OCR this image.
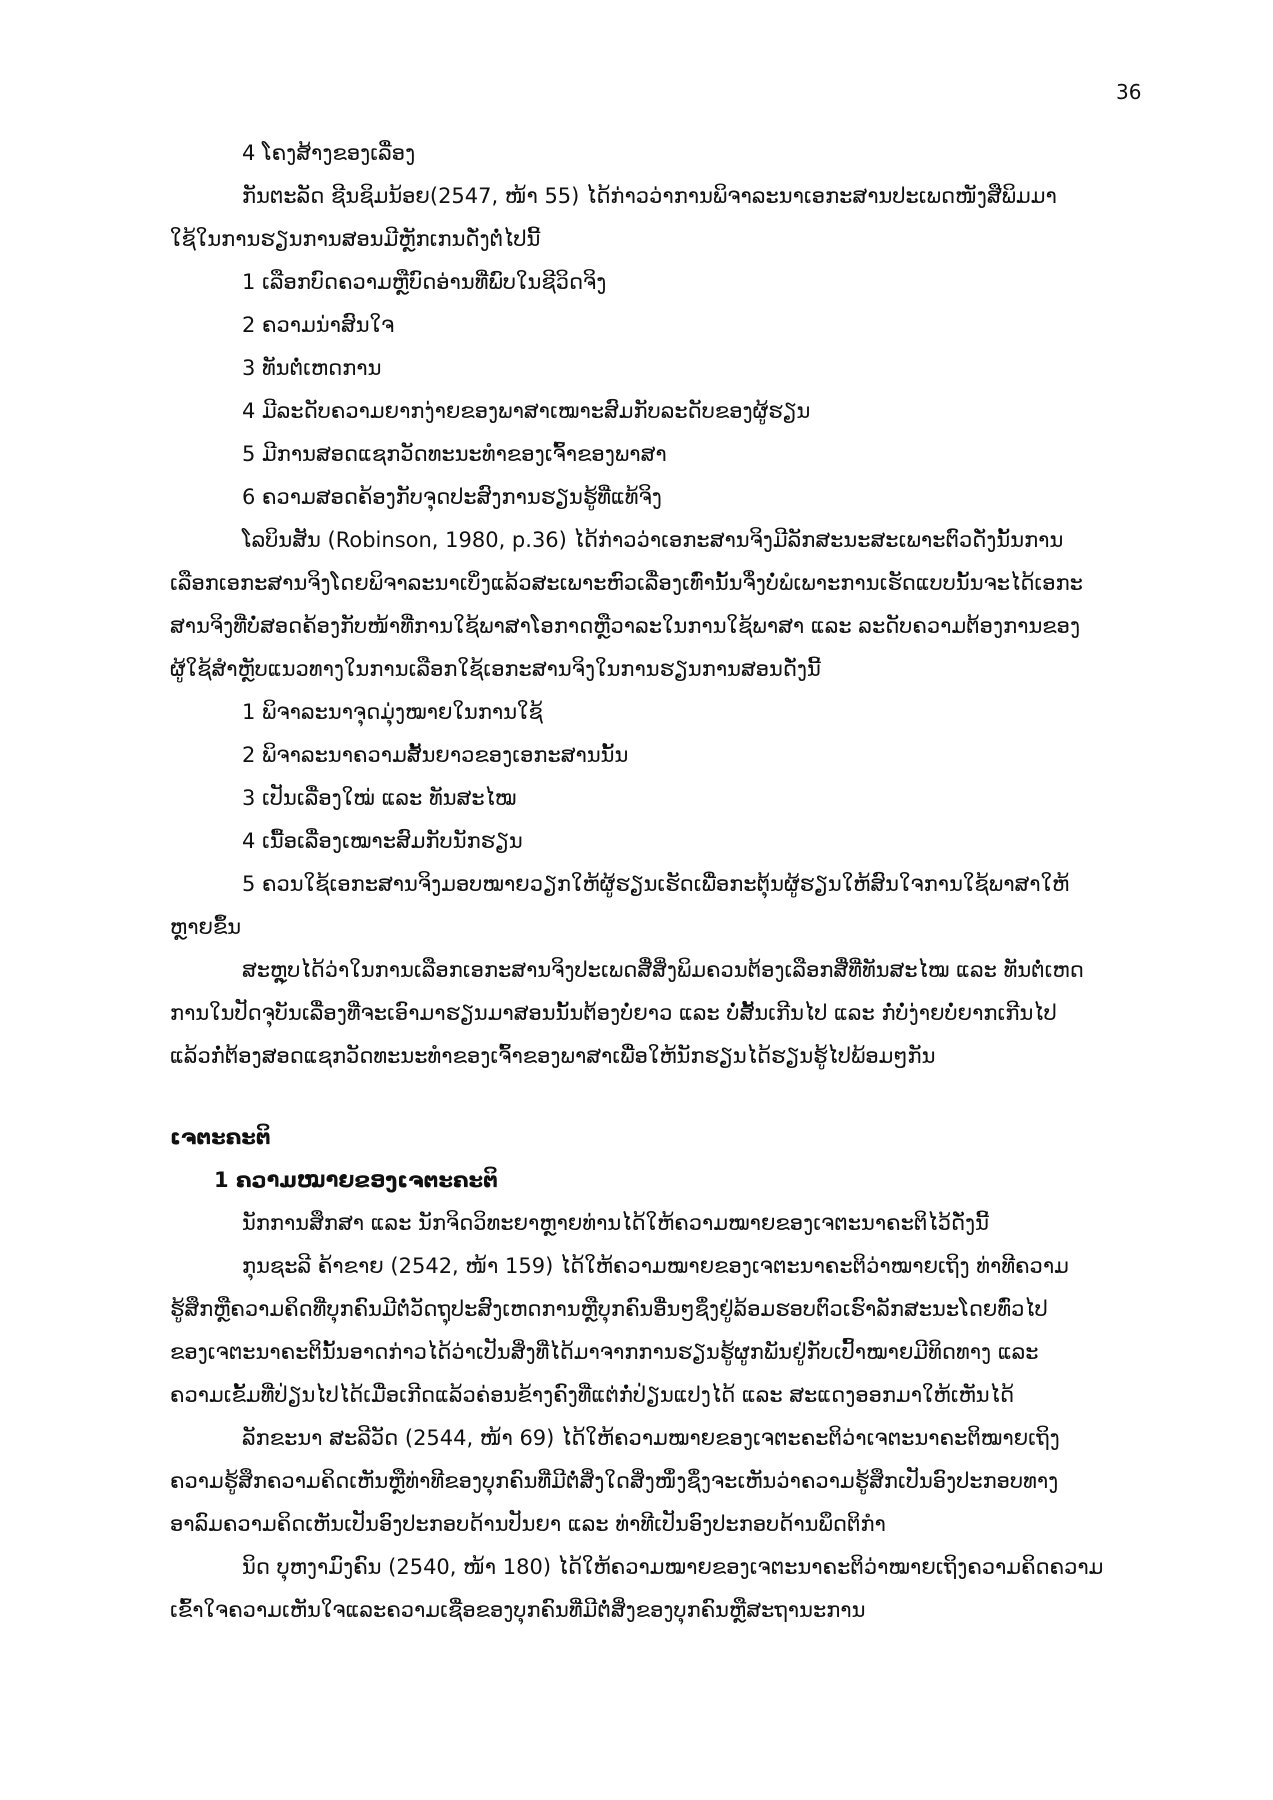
36
4 ໂຄງສ້າງຂອງເລື່ອງ
ກັນຕະລັດ ຊີນຊິມນ້ອຍ(2547, ໜ້າ 55) ໄດ້ກ່າວວ່າການພິຈາລະນາເອກະສານປະເພດໜັງສືພິມມາ
ໃຊ້ໃນການຮຽນການສອນມີຫຼັກເກນດັ່ງຕໍ່ໄປນີ້
1 ເລືອກບົດຄວາມຫຼືບົດອ່ານທີ່ພົບໃນຊີວິດຈິງ
2 ຄວາມນ່າສົນໃຈ
3 ທັນຕໍ່ເຫດການ
4 ມີລະດັບຄວາມຍາກງ່າຍຂອງພາສາເໝາະສົມກັບລະດັບຂອງຜູ້ຮຽນ
5 ມີການສອດແຊກວັດທະນະທຳຂອງເຈົ້າຂອງພາສາ
6 ຄວາມສອດຄ້ອງກັບຈຸດປະສົງການຮຽນຮູ້ທີ່ແທ້ຈິງ
ໂລບິນສັນ (Robinson, 1980, p.36) ໄດ້ກ່າວວ່າເອກະສານຈິງມີລັກສະນະສະເພາະຕົວດັ່ງນັ້ນການ
ເລືອກເອກະສານຈິງໂດຍພິຈາລະນາເບິ່ງແລ້ວສະເພາະຫົວເລື່ອງເທົ່ານັ້ນຈຶ່ງບໍ່ພໍເພາະການເຮັດແບບນັ້ນຈະໄດ້ເອກະ
ສານຈິງທີ່ບໍ່ສອດຄ້ອງກັບໜ້າທີ່ການໃຊ້ພາສາໂອກາດຫຼືວາລະໃນການໃຊ້ພາສາ ແລະ ລະດັບຄວາມຕ້ອງການຂອງ
ຜູ້ໃຊ້ສຳຫຼັບແນວທາງໃນການເລືອກໃຊ້ເອກະສານຈິງໃນການຮຽນການສອນດັ່ງນີ້
1 ພິຈາລະນາຈຸດມຸ່ງໝາຍໃນການໃຊ້
2 ພິຈາລະນາຄວາມສັ້ນຍາວຂອງເອກະສານນັ້ນ
3 ເປັນເລື່ອງໃໝ່ ແລະ ທັນສະໄໝ
4 ເນື້ອເລື່ອງເໝາະສົມກັບນັກຮຽນ
5 ຄວນໃຊ້ເອກະສານຈິງມອບໝາຍວຽກໃຫ້ຜູ້ຮຽນເຮັດເພື່ອກະຕຸ້ນຜູ້ຮຽນໃຫ້ສົນໃຈການໃຊ້ພາສາໃຫ້
ຫຼາຍຂຶ້ນ
ສະຫຼຸບໄດ້ວ່າໃນການເລືອກເອກະສານຈິງປະເພດສື່ສິ່ງພິມຄວນຕ້ອງເລືອກສື່ທີ່ທັນສະໄໝ ແລະ ທັນຕໍ່ເຫດ
ການໃນປັດຈຸບັນເລື່ອງທີ່ຈະເອົາມາຮຽນມາສອນນັ້ນຕ້ອງບໍ່ຍາວ ແລະ ບໍ່ສັ້ນເກີນໄປ ແລະ ກໍ່ບໍ່ງ່າຍບໍ່ຍາກເກີນໄປ
ແລ້ວກໍ່ຕ້ອງສອດແຊກວັດທະນະທຳຂອງເຈົ້າຂອງພາສາເພື່ອໃຫ້ນັກຮຽນໄດ້ຮຽນຮູ້ໄປພ້ອມໆກັນ
ເຈຕະຄະຕິ
1 ຄວາມໝາຍຂອງເຈຕະຄະຕິ
ນັກການສຶກສາ ແລະ ນັກຈິດວິທະຍາຫຼາຍທ່ານໄດ້ໃຫ້ຄວາມໝາຍຂອງເຈຕະນາຄະຕິໄວ້ດັ່ງນີ້
ກຸນຊະລີ ຄ້າຂາຍ (2542, ໜ້າ 159) ໄດ້ໃຫ້ຄວາມໝາຍຂອງເຈຕະນາຄະຕິວ່າໝາຍເຖິງ ທ່າທີຄວາມ
ຮູ້ສຶກຫຼືຄວາມຄິດທີ່ບຸກຄົນມີຕໍ່ວັດຖຸປະສົງເຫດການຫຼືບຸກຄົນອື່ນໆຊຶ່ງຢູ່ລ້ອມຮອບຕົວເຮົາລັກສະນະໂດຍທົ່ວໄປ
ຂອງເຈຕະນາຄະຕິນັ້ນອາດກ່າວໄດ້ວ່າເປັນສິ່ງທີ່ໄດ້ມາຈາກການຮຽນຮູ້ຜູກພັນຢູ່ກັບເປົ້າໝາຍມີທິດທາງ ແລະ
ຄວາມເຂັ້ມທີ່ປ່ຽນໄປໄດ້ເມື່ອເກີດແລ້ວຄ່ອນຂ້າງຄົງທີ່ແຕ່ກໍ່ປ່ຽນແປງໄດ້ ແລະ ສະແດງອອກມາໃຫ້ເຫັນໄດ້
ລັກຂະນາ ສະລີວັດ (2544, ໜ້າ 69) ໄດ້ໃຫ້ຄວາມໝາຍຂອງເຈຕະຄະຕິວ່າເຈຕະນາຄະຕິໝາຍເຖິງ
ຄວາມຮູ້ສຶກຄວາມຄິດເຫັນຫຼືທ່າທີຂອງບຸກຄົນທີ່ມີຕໍ່ສິ່ງໃດສິ່ງໜຶ່ງຊຶ່ງຈະເຫັນວ່າຄວາມຮູ້ສຶກເປັນອົງປະກອບທາງ
ອາລົມຄວາມຄິດເຫັນເປັນອົງປະກອບດ້ານປັນຍາ ແລະ ທ່າທີເປັນອົງປະກອບດ້ານພຶດຕິກຳ
ນິດ ບຸຫງາມົງຄົນ (2540, ໜ້າ 180) ໄດ້ໃຫ້ຄວາມໝາຍຂອງເຈຕະນາຄະຕິວ່າໝາຍເຖິງຄວາມຄິດຄວາມ
ເຂົ້າໃຈຄວາມເຫັນໃຈແລະຄວາມເຊື່ອຂອງບຸກຄົນທີ່ມີຕໍ່ສິ່ງຂອງບຸກຄົນຫຼືສະຖານະການ
